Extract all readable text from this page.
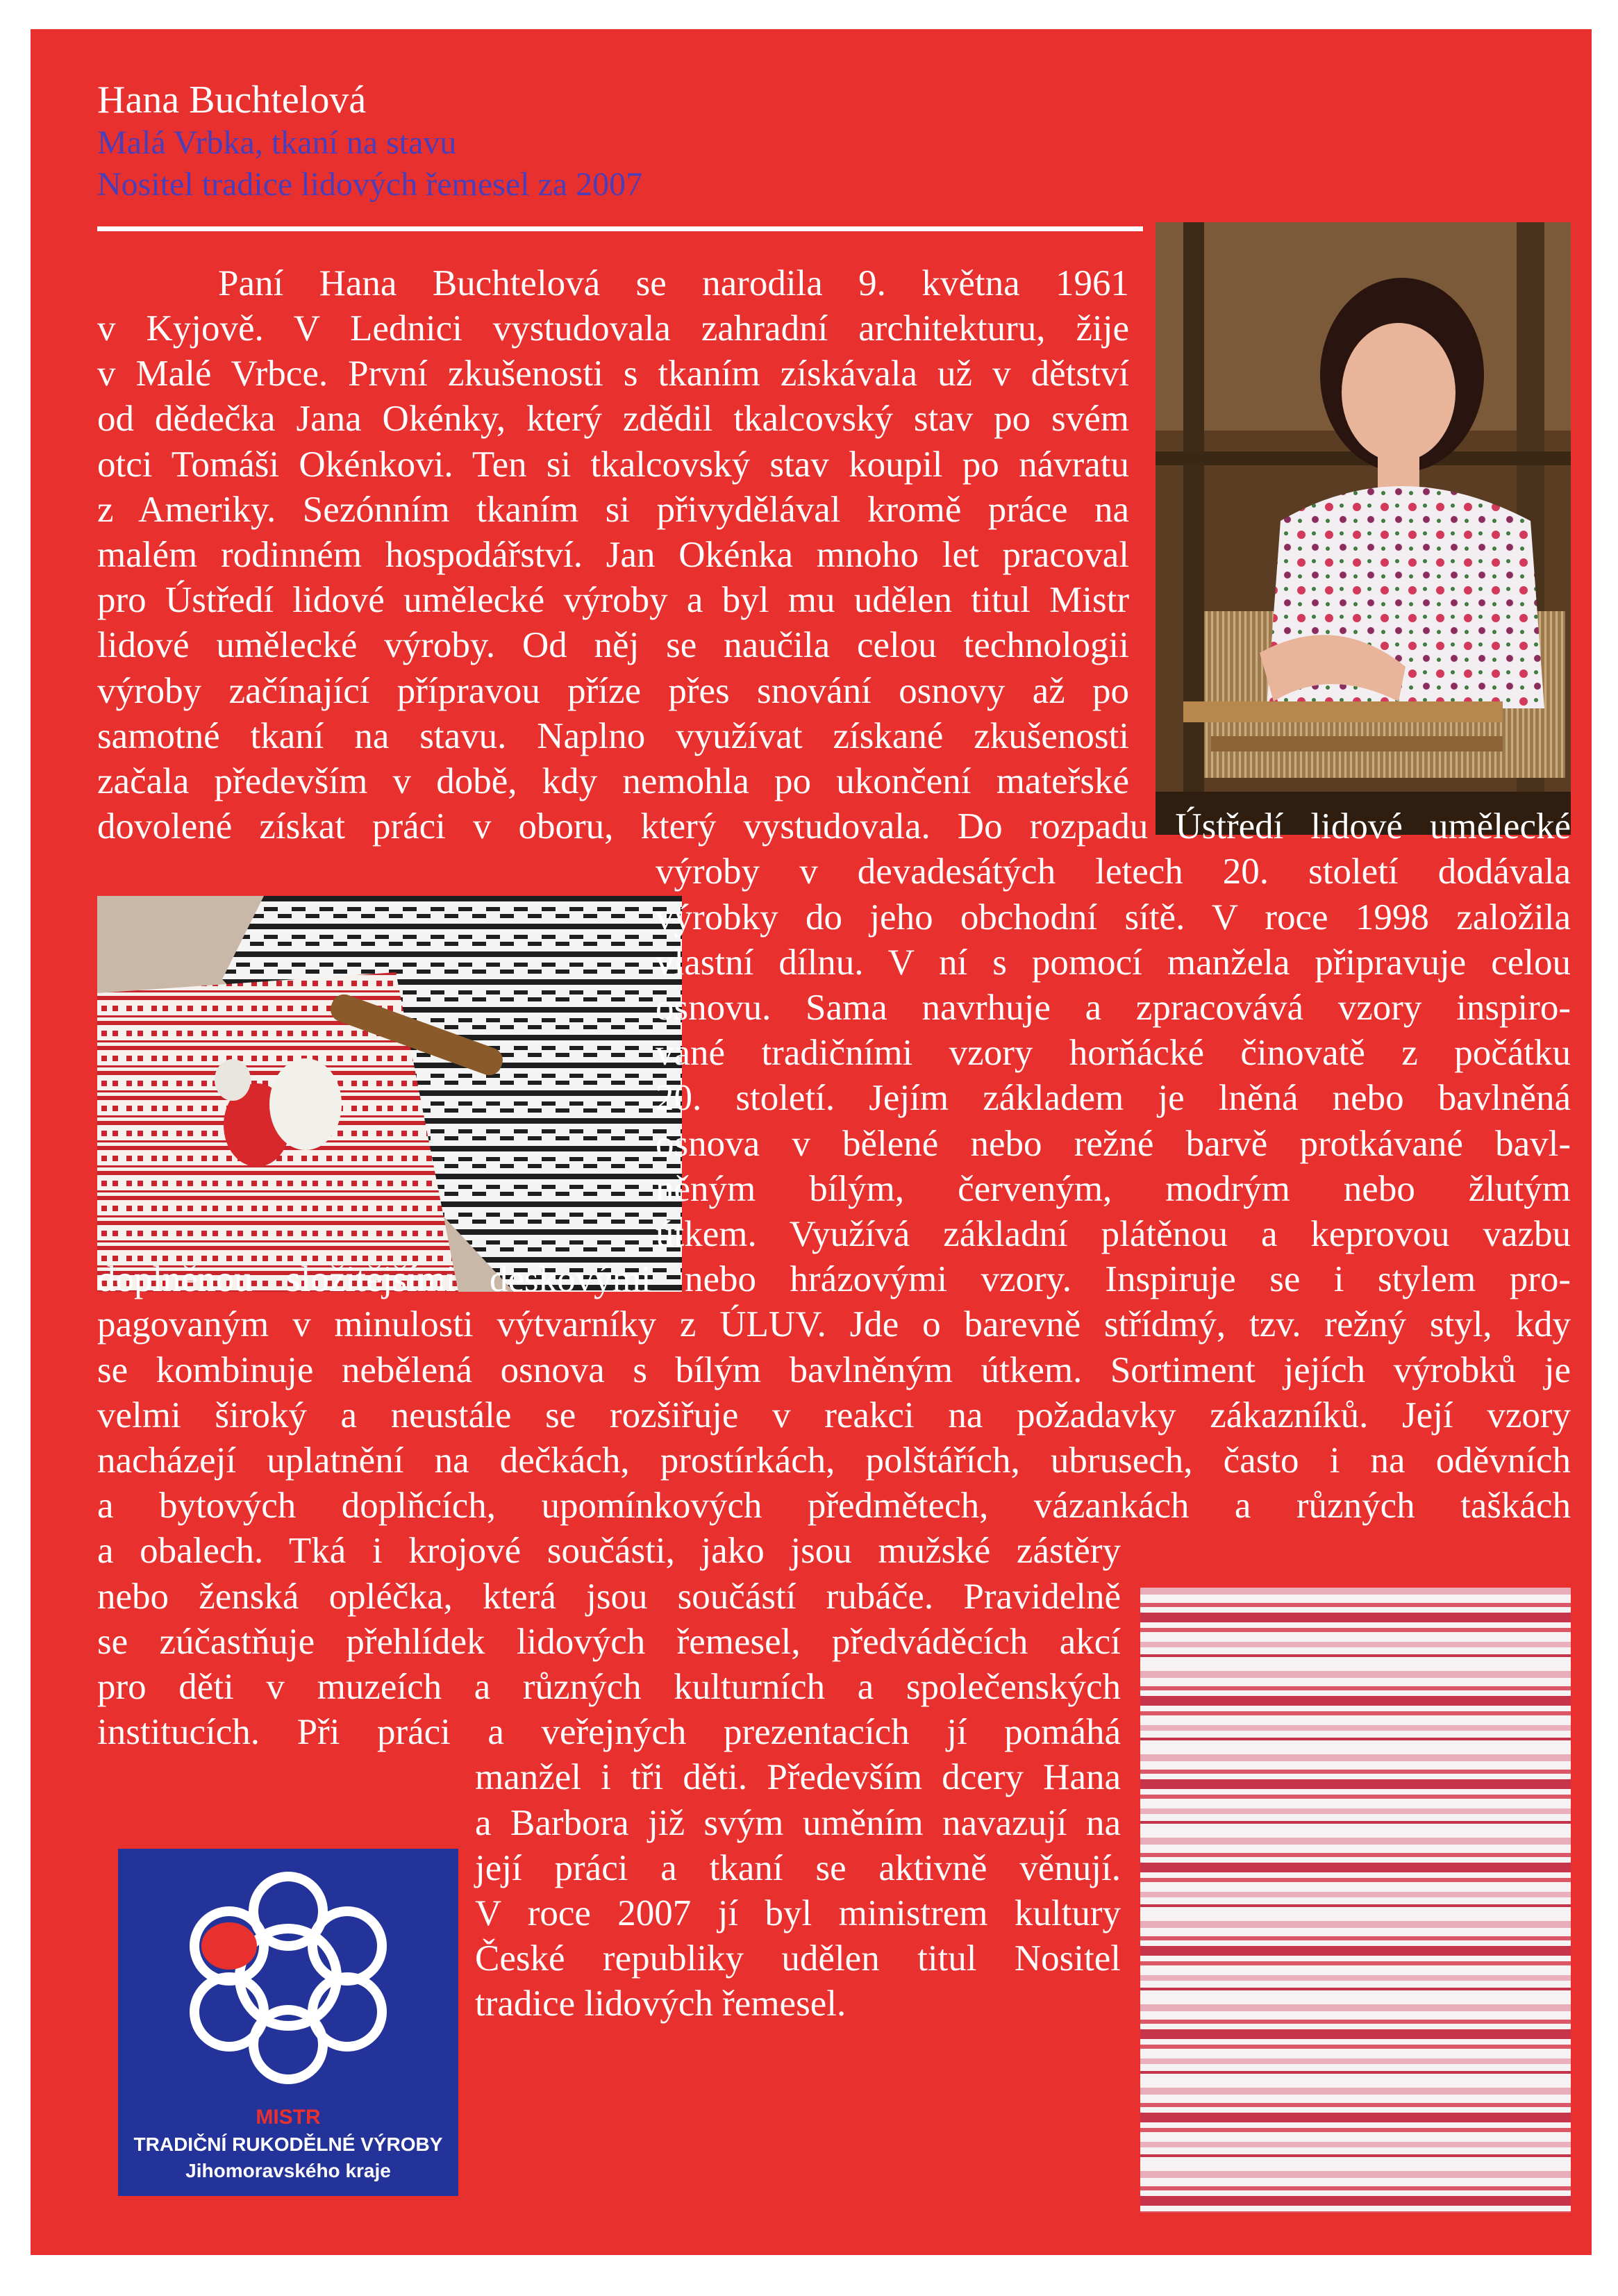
Hana Buchtelová
Malá Vrbka, tkaní na stavu
Nositel tradice lidových řemesel za 2007
Paní Hana Buchtelová se narodila 9. května 1961
v Kyjově. V Lednici vystudovala zahradní architekturu, žije
v Malé Vrbce. První zkušenosti s tkaním získávala už v dětství
od dědečka Jana Okénky, který zdědil tkalcovský stav po svém
otci Tomáši Okénkovi. Ten si tkalcovský stav koupil po návratu
z Ameriky. Sezónním tkaním si přivydělával kromě práce na
malém rodinném hospodářství. Jan Okénka mnoho let pracoval
pro Ústředí lidové umělecké výroby a byl mu udělen titul Mistr
lidové umělecké výroby. Od něj se naučila celou technologii
výroby začínající přípravou příze přes snování osnovy až po
samotné tkaní na stavu. Naplno využívat získané zkušenosti
začala především v době, kdy nemohla po ukončení mateřské
dovolené získat práci v oboru, který vystudovala. Do rozpadu Ústředí lidové umělecké
výroby v devadesátých letech 20. století dodávala
výrobky do jeho obchodní sítě. V roce 1998 založila
vlastní dílnu. V ní s pomocí manžela připravuje celou
osnovu. Sama navrhuje a zpracovává vzory inspiro-
vané tradičními vzory horňácké činovatě z počátku
20. století. Jejím základem je lněná nebo bavlněná
osnova v bělené nebo režné barvě protkávané bavl-
něným bílým, červeným, modrým nebo žlutým
útkem. Využívá základní plátěnou a keprovou vazbu
doplněnou složitějšími deskovými nebo hrázovými vzory. Inspiruje se i stylem pro-
pagovaným v minulosti výtvarníky z ÚLUV. Jde o barevně střídmý, tzv. režný styl, kdy
se kombinuje nebělená osnova s bílým bavlněným útkem. Sortiment jejích výrobků je
velmi široký a neustále se rozšiřuje v reakci na požadavky zákazníků. Její vzory
nacházejí uplatnění na dečkách, prostírkách, polštářích, ubrusech, často i na oděvních
a bytových doplňcích, upomínkových předmětech, vázankách a různých taškách
a obalech. Tká i krojové součásti, jako jsou mužské zástěry
nebo ženská opléčka, která jsou součástí rubáče. Pravidelně
se zúčastňuje přehlídek lidových řemesel, předváděcích akcí
pro děti v muzeích a různých kulturních a společenských
institucích. Při práci a veřejných prezentacích jí pomáhá
manžel i tři děti. Především dcery Hana
a Barbora již svým uměním navazují na
její práci a tkaní se aktivně věnují.
V roce 2007 jí byl ministrem kultury
České republiky udělen titul Nositel
tradice lidových řemesel.
MISTR
TRADIČNÍ RUKODĚLNÉ VÝROBY
Jihomoravského kraje
